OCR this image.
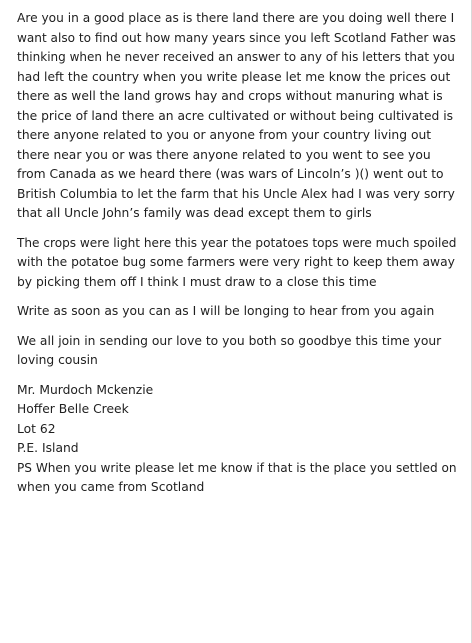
Are you in a good place as is there land there are you doing well there I
want also to find out how many years since you left Scotland Father was
thinking when he never received an answer to any of his letters that you
had left the country when you write please let me know the prices out
there as well the land grows hay and crops without manuring what is
the price of land there an acre cultivated or without being cultivated is
there anyone related to you or anyone from your country living out
there near you or was there anyone related to you went to see you
from Canada as we heard there (was wars of Lincoln’s )() went out to
British Columbia to let the farm that his Uncle Alex had I was very sorry
that all Uncle John’s family was dead except them to girls

The crops were light here this year the potatoes tops were much spoiled
with the potatoe bug some farmers were very right to keep them away
by picking them off I think I must draw to a close this time

Write as soon as you can as I will be longing to hear from you again

We all join in sending our love to you both so goodbye this time your
loving cousin

Mr. Murdoch Mckenzie
Hoffer Belle Creek
Lot 62
P.E. Island
PS When you write please let me know if that is the place you settled on
when you came from Scotland
